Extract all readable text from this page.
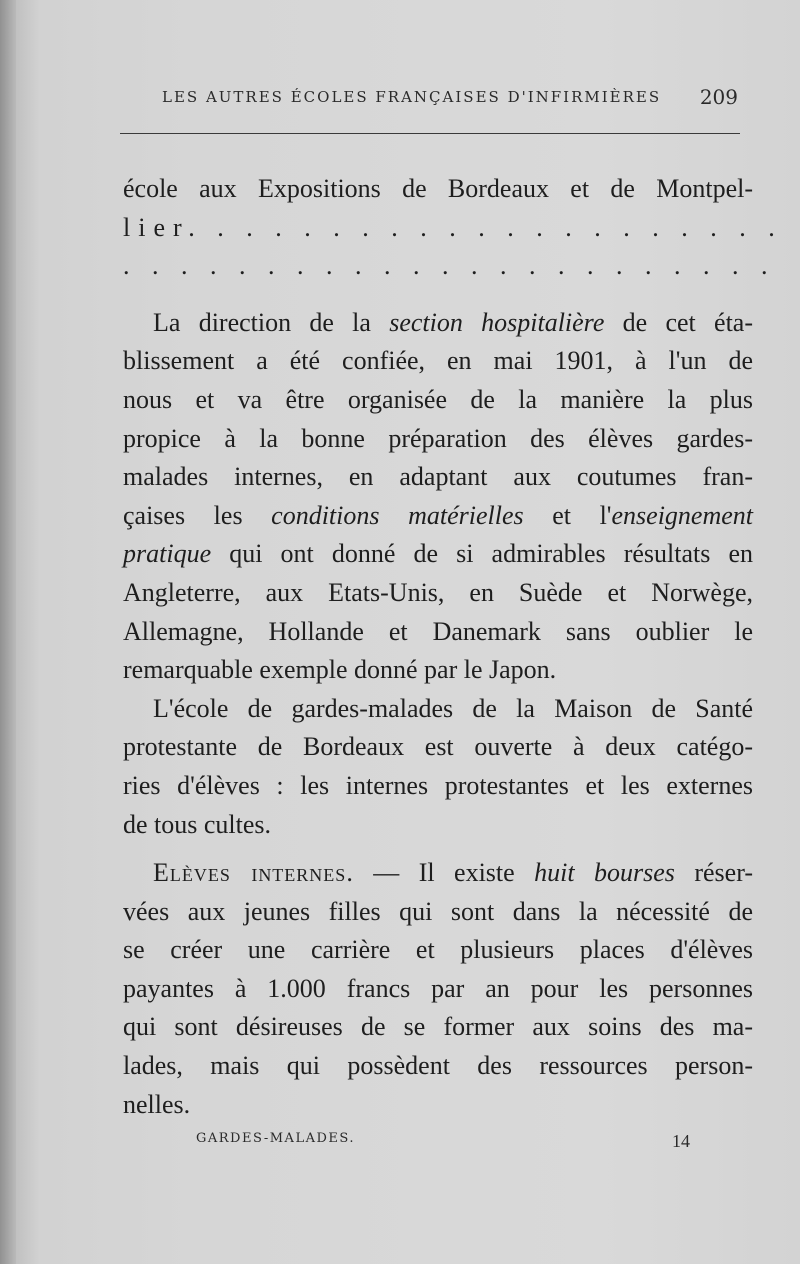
LES AUTRES ÉCOLES FRANÇAISES D'INFIRMIÈRES 209
école aux Expositions de Bordeaux et de Montpel-
lier. . . . . . . . . . . . . . . . . . . . .
. . . . . . . . . . . . . . . . . . . . . . .
La direction de la section hospitalière de cet éta-
blissement a été confiée, en mai 1901, à l'un de
nous et va être organisée de la manière la plus
propice à la bonne préparation des élèves gardes-
malades internes, en adaptant aux coutumes fran-
çaises les conditions matérielles et l'enseignement
pratique qui ont donné de si admirables résultats en
Angleterre, aux Etats-Unis, en Suède et Norwège,
Allemagne, Hollande et Danemark sans oublier le
remarquable exemple donné par le Japon.
L'école de gardes-malades de la Maison de Santé
protestante de Bordeaux est ouverte à deux catégo-
ries d'élèves : les internes protestantes et les externes
de tous cultes.
Elèves internes. — Il existe huit bourses réser-
vées aux jeunes filles qui sont dans la nécessité de
se créer une carrière et plusieurs places d'élèves
payantes à 1.000 francs par an pour les personnes
qui sont désireuses de se former aux soins des ma-
lades, mais qui possèdent des ressources person-
nelles.
GARDES-MALADES.	14
